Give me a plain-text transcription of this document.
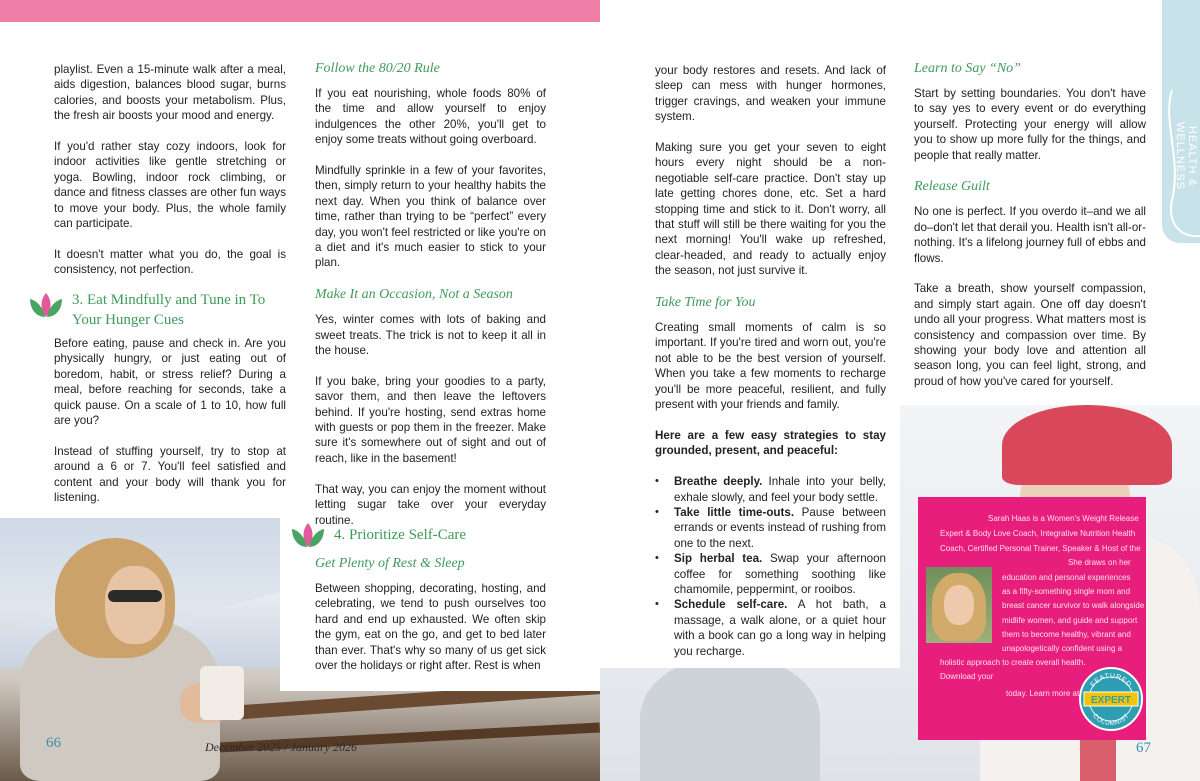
HEALTH & WELLNESS

playlist. Even a 15-minute walk after a meal, aids digestion, balances blood sugar, burns calories, and boosts your metabolism. Plus, the fresh air boosts your mood and energy.

If you'd rather stay cozy indoors, look for indoor activities like gentle stretching or yoga. Bowling, indoor rock climbing, or dance and fitness classes are other fun ways to move your body. Plus, the whole family can participate.

It doesn't matter what you do, the goal is consistency, not perfection.

3. Eat Mindfully and Tune in To Your Hunger Cues

Before eating, pause and check in. Are you physically hungry, or just eating out of boredom, habit, or stress relief? During a meal, before reaching for seconds, take a quick pause. On a scale of 1 to 10, how full are you?

Instead of stuffing yourself, try to stop at around a 6 or 7. You'll feel satisfied and content and your body will thank you for listening.

Follow the 80/20 Rule

If you eat nourishing, whole foods 80% of the time and allow yourself to enjoy indulgences the other 20%, you'll get to enjoy some treats without going overboard.

Mindfully sprinkle in a few of your favorites, then, simply return to your healthy habits the next day. When you think of balance over time, rather than trying to be “perfect” every day, you won't feel restricted or like you're on a diet and it's much easier to stick to your plan.

Make It an Occasion, Not a Season

Yes, winter comes with lots of baking and sweet treats. The trick is not to keep it all in the house.

If you bake, bring your goodies to a party, savor them, and then leave the leftovers behind. If you're hosting, send extras home with guests or pop them in the freezer. Make sure it's somewhere out of sight and out of reach, like in the basement!

That way, you can enjoy the moment without letting sugar take over your everyday routine.

4. Prioritize Self-Care
Get Plenty of Rest & Sleep

Between shopping, decorating, hosting, and celebrating, we tend to push ourselves too hard and end up exhausted. We often skip the gym, eat on the go, and get to bed later than ever. That's why so many of us get sick over the holidays or right after. Rest is when

your body restores and resets. And lack of sleep can mess with hunger hormones, trigger cravings, and weaken your immune system.

Making sure you get your seven to eight hours every night should be a non-negotiable self-care practice. Don't stay up late getting chores done, etc. Set a hard stopping time and stick to it. Don't worry, all that stuff will still be there waiting for you the next morning! You'll wake up refreshed, clear-headed, and ready to actually enjoy the season, not just survive it.

Take Time for You

Creating small moments of calm is so important. If you're tired and worn out, you're not able to be the best version of yourself. When you take a few moments to recharge you'll be more peaceful, resilient, and fully present with your friends and family.

Here are a few easy strategies to stay grounded, present, and peaceful:

• Breathe deeply. Inhale into your belly, exhale slowly, and feel your body settle.
• Take little time-outs. Pause between errands or events instead of rushing from one to the next.
• Sip herbal tea. Swap your afternoon coffee for something soothing like chamomile, peppermint, or rooibos.
• Schedule self-care. A hot bath, a massage, a walk alone, or a quiet hour with a book can go a long way in helping you recharge.
Learn to Say “No”

Start by setting boundaries. You don't have to say yes to every event or do everything yourself. Protecting your energy will allow you to show up more fully for the things, and people that really matter.

Release Guilt

No one is perfect. If you overdo it–and we all do–don't let that derail you. Health isn't all-or-nothing. It's a lifelong journey full of ebbs and flows.

Take a breath, show yourself compassion, and simply start again. One off day doesn't undo all your progress. What matters most is consistency and compassion over time. By showing your body love and attention all season long, you can feel light, strong, and proud of how you've cared for yourself.

Sarah Haas is a Women's Weight Release
Expert & Body Love Coach, Integrative Nutrition Health
Coach, Certified Personal Trainer, Speaker & Host of the
She draws on her
education and personal experiences
as a fifty-something single mom and
breast cancer survivor to walk alongside
midlife women, and guide and support
them to become healthy, vibrant and
unapologetically confident using a
holistic approach to create overall health.
Download your
today. Learn more at
FEATURED
EXPERT
COLUMNIST
66	December 2025 / January 2026	67
